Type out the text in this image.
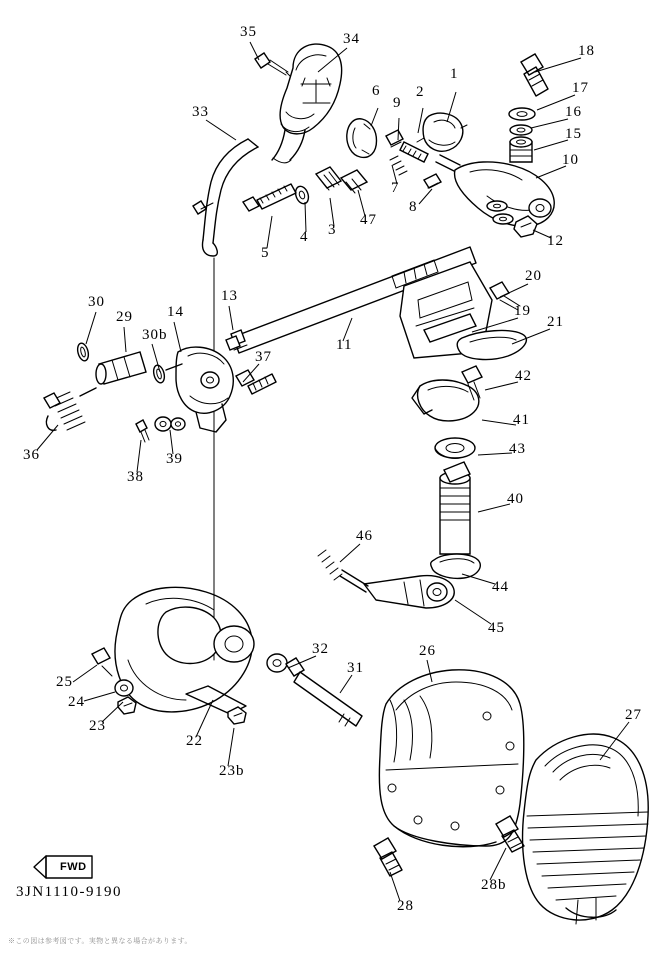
1
2
3
4
5
6
7
8
9
10
11
12
13
14
15
16
17
18
19
20
21
22
23
23b
24
25
26
27
28
28b
29
30
30b
31
32
33
34
35
36
37
38
39
40
41
42
43
44
45
46
47
FWD
3JN1110-9190
※この図は参考図です。実物と異なる場合があります。
